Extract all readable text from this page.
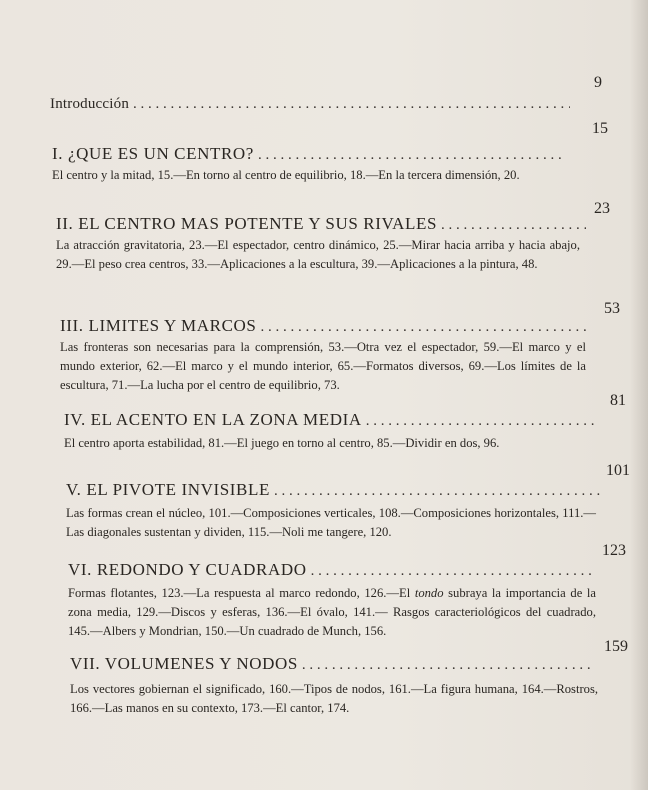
9
Introducción
. . .
15
I. ¿QUE ES UN CENTRO?
. . .
El centro y la mitad, 15.—En torno al centro de equilibrio, 18.—En la tercera dimensión, 20.
23
II. EL CENTRO MAS POTENTE Y SUS RIVALES
. . .
La atracción gravitatoria, 23.—El espectador, centro dinámico, 25.—Mirar hacia arriba y hacia abajo, 29.—El peso crea centros, 33.—Aplicaciones a la escultura, 39.—Aplicaciones a la pintura, 48.
53
III. LIMITES Y MARCOS
. . .
Las fronteras son necesarias para la comprensión, 53.—Otra vez el espectador, 59.—El marco y el mundo exterior, 62.—El marco y el mundo interior, 65.—Formatos diversos, 69.—Los límites de la escultura, 71.—La lucha por el centro de equilibrio, 73.
81
IV. EL ACENTO EN LA ZONA MEDIA
. . .
El centro aporta estabilidad, 81.—El juego en torno al centro, 85.—Dividir en dos, 96.
101
V. EL PIVOTE INVISIBLE
. . .
Las formas crean el núcleo, 101.—Composiciones verticales, 108.—Composiciones horizontales, 111.—Las diagonales sustentan y dividen, 115.—Noli me tangere, 120.
123
VI. REDONDO Y CUADRADO
. . .
Formas flotantes, 123.—La respuesta al marco redondo, 126.—El tondo subraya la importancia de la zona media, 129.—Discos y esferas, 136.—El óvalo, 141.— Rasgos caracteriológicos del cuadrado, 145.—Albers y Mondrian, 150.—Un cuadrado de Munch, 156.
159
VII. VOLUMENES Y NODOS
. . .
Los vectores gobiernan el significado, 160.—Tipos de nodos, 161.—La figura humana, 164.—Rostros, 166.—Las manos en su contexto, 173.—El cantor, 174.
